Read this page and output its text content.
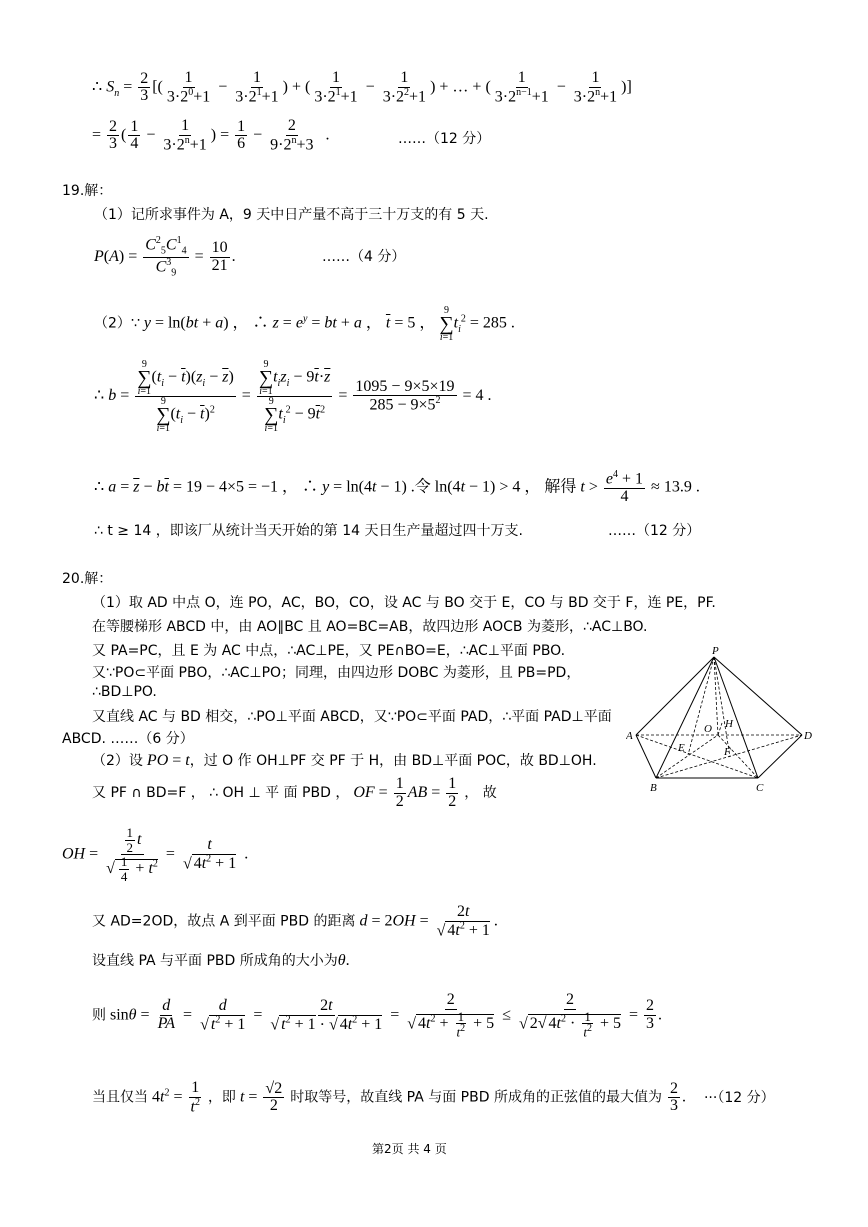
∴ $S_n = \frac{2}{3}$ [( $\frac{1}{3\cdot 2^0+1} - \frac{1}{3\cdot 2^1+1}$ ) + ( $\frac{1}{3\cdot 2^1+1} - \frac{1}{3\cdot 2^2+1}$ ) + … + ( $\frac{1}{3\cdot 2^{n-1}+1} - \frac{1}{3\cdot 2^n+1}$ )]
= $\frac{2}{3}$ ( $\frac{1}{4} - \frac{1}{3\cdot 2^n+1}$ ) = $\frac{1}{6} - \frac{2}{9\cdot 2^n+3}$ .	……（12 分）
19.解：
（1）记所求事件为 A，9 天中日产量不高于三十万支的有 5 天.
$P(A) = \frac{C^2_5C^1_4}{C^3_9} = \frac{10}{21}$ .	……（4 分）
（2）∵ y = ln(bt + a) ， ∴ $z = e^y$ = bt + a ， $\overline{t} = 5$ ，
9
∑
i=1
$t_i^2 = 285$ .
∴ b = 9
∑
i=1
$(t_i - \overline{t})(z_i - \overline{z})$
9
∑
i=1
$(t_i - \overline{t})^2 = 9$
∑
i=1
$t_iz_i - 9\overline{t}\cdot\overline{z}$
9
∑
i=1
$t_i^2 - 9\overline{t}^2 = \frac{1095 - 9\times 5\times 19}{285 - 9\times 5^2} = 4$ .
∴ $a = \overline{z} - b\overline{t} = 19 - 4\times 5 = -1$ ， ∴ y = ln(4t − 1) .令 ln(4t − 1) > 4 ， 解得 $t > \frac{e^4 + 1}{4} \approx 13.9$ .
∴ t ≥ 14 ，即该厂从统计当天开始的第 14 天日生产量超过四十万支.	……（12 分）
20.解：
（1）取 AD 中点 O，连 PO，AC，BO，CO，设 AC 与 BO 交于 E，CO 与 BD 交于 F，连 PE，PF.
在等腰梯形 ABCD 中，由 AO∥BC 且 AO=BC=AB，故四边形 AOCB 为菱形，∴AC⊥BO.
又 PA=PC，且 E 为 AC 中点，∴AC⊥PE，又 PE∩BO=E，∴AC⊥平面 PBO.
又∵PO⊂平面 PBO，∴AC⊥PO；同理，由四边形 DOBC 为菱形，且 PB=PD，
∴BD⊥PO.
又直线 AC 与 BD 相交，∴PO⊥平面 ABCD，又∵PO⊂平面 PAD，∴平面 PAD⊥平面
ABCD. ……（6 分）
（2）设 PO = t，过 O 作 OH⊥PF 交 PF 于 H，由 BD⊥平面 POC，故 BD⊥OH.
又 PF ∩ BD=F ， ∴ OH ⊥ 平 面 PBD ， OF = $\frac{1}{2}$ AB = $\frac{1}{2}$ ， 故
OH = $\frac{\frac{1}{2} t}{√ \frac{1}{4} + t^2} = \frac{t}{√ 4t^2 + 1}$ .
又 AD=2OD，故点 A 到平面 PBD 的距离 $d = 2OH = \frac{2t}{√ 4t^2 + 1}$ .
设直线 PA 与平面 PBD 所成角的大小为θ.
则 $\sin\theta = \frac{d}{PA} = \frac{d}{√ t^2 + 1} = \frac{2t}{√ t^2 + 1 \cdot √ 4t^2 + 1} = \frac{2}{√ 4t^2 + \frac{1}{t^2} + 5} \le \frac{2}{√ 2√ 4t^2 \cdot \frac{1}{t^2} + 5} = \frac{2}{3}$ .
当且仅当 $4t^2 = \frac{1}{t^2}$ ，即 $t = \frac{√2}{2}$ 时取等号，故直线 PA 与面 PBD 所成角的正弦值的最大值为 $\frac{2}{3}$ . ···（12 分）
P
A
B	C
D
O H
E	F
第2页 共 4 页
